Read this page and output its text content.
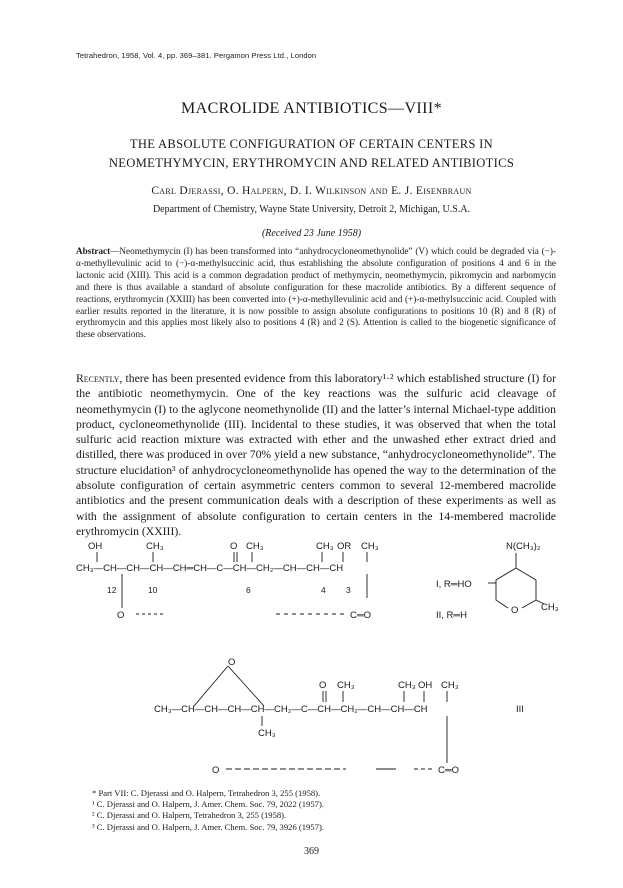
Tetrahedron, 1958, Vol. 4, pp. 369–381. Pergamon Press Ltd., London
MACROLIDE ANTIBIOTICS—VIII*
THE ABSOLUTE CONFIGURATION OF CERTAIN CENTERS IN
NEOMETHYMYCIN, ERYTHROMYCIN AND RELATED ANTIBIOTICS
Carl Djerassi, O. Halpern, D. I. Wilkinson and E. J. Eisenbraun
Department of Chemistry, Wayne State University, Detroit 2, Michigan, U.S.A.
(Received 23 June 1958)
Abstract—Neomethymycin (I) has been transformed into “anhydrocycloneomethynolide” (V) which could be degraded via (−)-α-methyllevulinic acid to (−)-α-methylsuccinic acid, thus establishing the absolute configuration of positions 4 and 6 in the lactonic acid (XIII). This acid is a common degradation product of methymycin, neomethymycin, pikromycin and narbomycin and there is thus available a standard of absolute configuration for these macrolide antibiotics. By a different sequence of reactions, erythromycin (XXIII) has been converted into (+)-α-methyllevulinic acid and (+)-α-methylsuccinic acid. Coupled with earlier results reported in the literature, it is now possible to assign absolute configurations to positions 10 (R) and 8 (R) of erythromycin and this applies most likely also to positions 4 (R) and 2 (S). Attention is called to the biogenetic significance of these observations.
Recently, there has been presented evidence from this laboratory¹·² which established structure (I) for the antibiotic neomethymycin. One of the key reactions was the sulfuric acid cleavage of neomethymycin (I) to the aglycone neomethynolide (II) and the latter’s internal Michael-type addition product, cycloneomethynolide (III). Incidental to these studies, it was observed that when the total sulfuric acid reaction mixture was extracted with ether and the unwashed ether extract dried and distilled, there was produced in over 70% yield a new substance, “anhydrocycloneomethynolide”. The structure elucidation³ of anhydrocycloneomethynolide has opened the way to the determination of the absolute configuration of certain asymmetric centers common to several 12-membered macrolide antibiotics and the present communication deals with a description of these experiments as well as with the assignment of absolute configuration to certain centers in the 14-membered macrolide erythromycin (XXIII).
OH	CH₃	O CH₃	CH₃ OR CH₃
CH₃—CH—CH—CH—CH═CH—C—CH—CH₂—CH—CH—CH
12	10	6	4 3
O	C═O
I, R═HO
II, R═H
N(CH₃)₂
O CH₃
O
O CH₃	CH₃ OH CH₃
CH₃—CH—CH—CH—CH—CH₂—C—CH—CH₂—CH—CH—CH
CH₃
O	C═O
III
* Part VII: C. Djerassi and O. Halpern, Tetrahedron 3, 255 (1958).
¹ C. Djerassi and O. Halpern, J. Amer. Chem. Soc. 79, 2022 (1957).
² C. Djerassi and O. Halpern, Tetrahedron 3, 255 (1958).
³ C. Djerassi and O. Halpern, J. Amer. Chem. Soc. 79, 3926 (1957).
369
